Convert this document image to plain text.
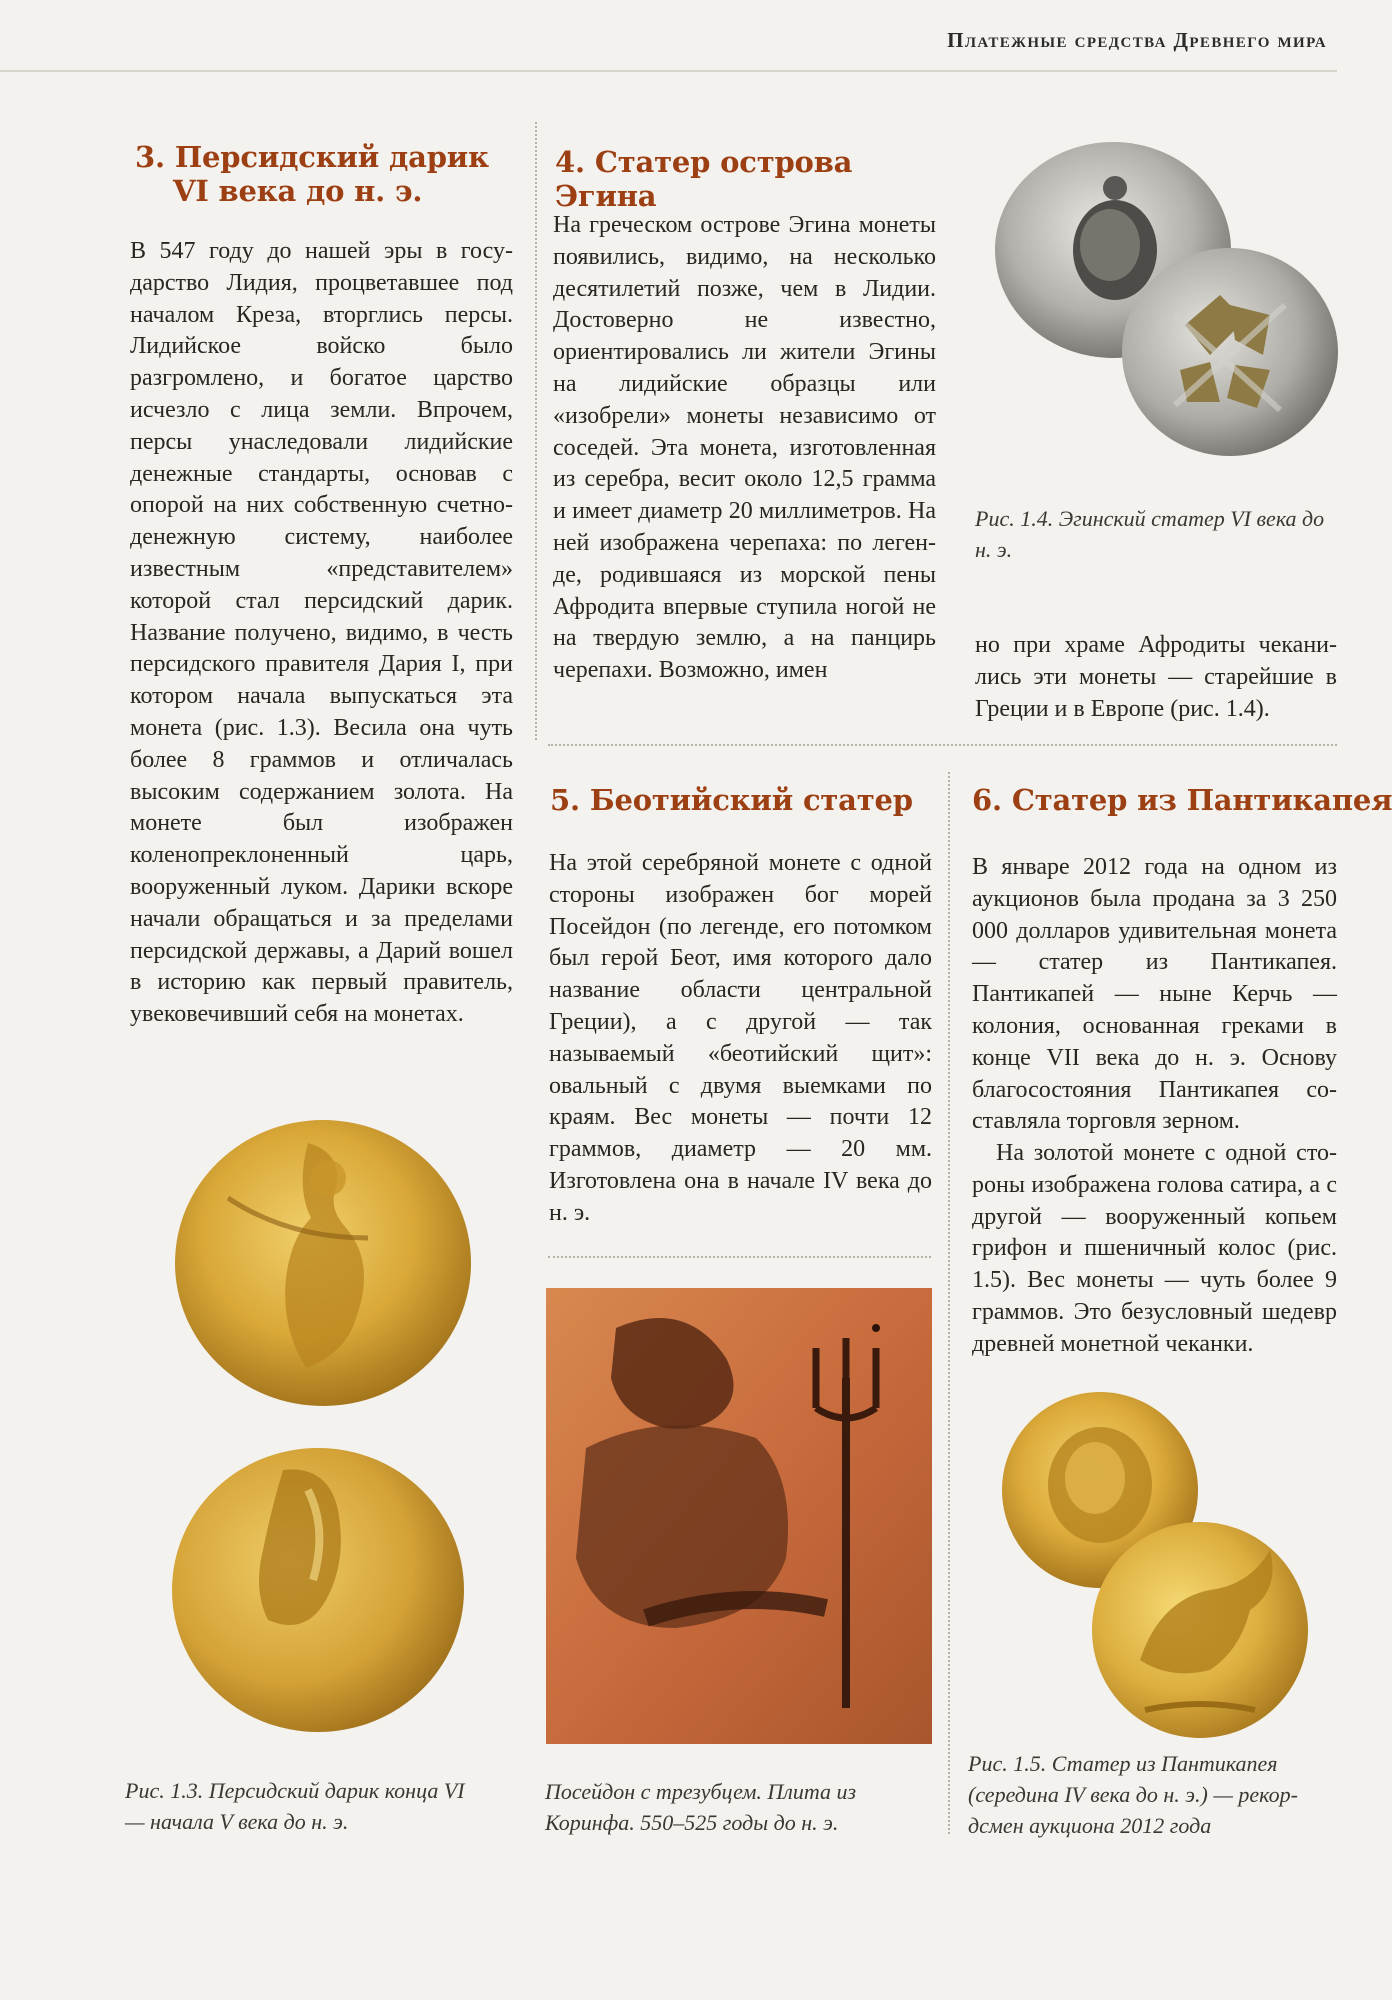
Платежные средства Древнего мира
3. Персидский дарик
VI века до н. э.

В 547 году до нашей эры в государство Лидия, процветавшее под началом Креза, вторглись персы. Лидийское войско было разгромлено, и богатое царство исчезло с лица земли. Впрочем, персы унаследовали лидийские денежные стандарты, основав с опорой на них собственную счетно-денежную систему, наиболее известным «представителем» которой стал персидский дарик. Название получено, видимо, в честь персидского правителя Дария I, при котором начала выпускаться эта монета (рис. 1.3). Весила она чуть более 8 граммов и отличалась высоким содержанием золота. На монете был изображен коленопреклоненный царь, вооруженный луком. Дарики вскоре начали обращаться и за пределами персидской державы, а Дарий вошел в историю как первый правитель, увековечивший себя на монетах.

Рис. 1.3. Персидский дарик конца VI — начала V века до н. э.

4. Статер острова Эгина

На греческом острове Эгина монеты появились, видимо, на несколько десятилетий позже, чем в Лидии. Достоверно не известно, ориентировались ли жители Эгины на лидийские образцы или «изобрели» монеты независимо от соседей. Эта монета, изготовленная из серебра, весит около 12,5 грамма и имеет диаметр 20 миллиметров. На ней изображена черепаха: по легенде, родившаяся из морской пены Афродита впервые ступила ногой не на твердую землю, а на панцирь черепахи. Возможно, имен

Рис. 1.4. Эгинский статер VI века до н. э.

но при храме Афродиты чеканились эти монеты — старейшие в Греции и в Европе (рис. 1.4).

5. Беотийский статер

На этой серебряной монете с одной стороны изображен бог морей Посейдон (по легенде, его потомком был герой Беот, имя которого дало название области центральной Греции), а с другой — так называемый «беотийский щит»: овальный с двумя выемками по краям. Вес монеты — почти 12 граммов, диаметр — 20 мм. Изготовлена она в начале IV века до н. э.

Посейдон с трезубцем. Плита из Коринфа. 550–525 годы до н. э.

6. Статер из Пантикапея

В январе 2012 года на одном из аукционов была продана за 3 250 000 долларов удивительная монета — статер из Пантикапея. Пантикапей — ныне Керчь — колония, основанная греками в конце VII века до н. э. Основу благосостояния Пантикапея составляла торговля зерном.

На золотой монете с одной стороны изображена голова сатира, а с другой — вооруженный копьем грифон и пшеничный колос (рис. 1.5). Вес монеты — чуть более 9 граммов. Это безусловный шедевр древней монетной чеканки.

Рис. 1.5. Статер из Пантикапея (середина IV века до н. э.) — рекордсмен аукциона 2012 года
